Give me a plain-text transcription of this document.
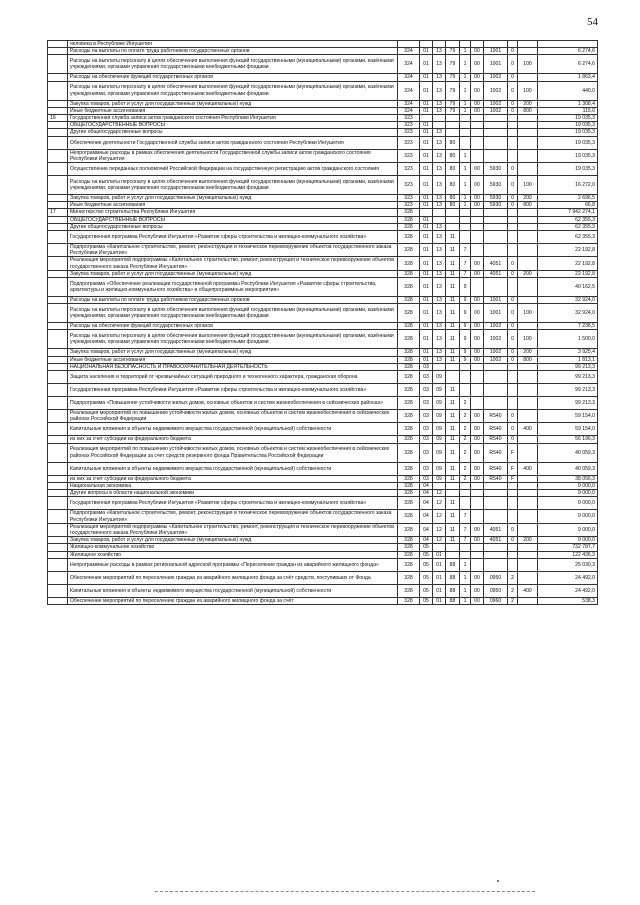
54
	человека в Республике Ингушетия										
	Расходы на выплаты по оплате труда работников государственных органов	324	01	13	79	1	00	1001	0		6 274,6
	Расходы на выплаты персоналу в целях обеспечения выполнения функций государственными (муниципальными) органами, казёнными учреждениями, органами управления государственными внебюджетными фондами	324	01	13	79	1	00	1001	0	100	6 274,6
	Расходы на обеспечение функций государственных органов	324	01	13	79	1	00	1002	0		1 863,4
	Расходы на выплаты персоналу в целях обеспечения выполнения функций государственными (муниципальными) органами, казёнными учреждениями, органами управления государственными внебюджетными фондами	324	01	13	79	1	00	1002	0	100	440,0
	Закупка товаров, работ и услуг для государственных (муниципальных) нужд	324	01	13	79	1	00	1002	0	200	1 308,4
	Иные бюджетные ассигнования	324	01	13	79	1	00	1002	0	800	115,0
16	Государственная служба записи актов гражданского состояния Республики Ингушетия	323									19 035,3
	ОБЩЕГОСУДАРСТВЕННЫЕ ВОПРОСЫ	323	01								19 035,3
	Другие общегосударственные вопросы	323	01	13							19 035,3
	Обеспечение деятельности Государственной службы записи актов гражданского состояния Республики Ингушетия	323	01	13	80						19 035,3
	Непрограммные расходы в рамках обеспечения деятельности Государственной службы записи актов гражданского состояния Республики Ингушетия	323	01	13	80	1					19 035,3
	Осуществление переданных полномочий Российской Федерации на государственную регистрацию актов гражданского состояния	323	01	13	80	1	00	5930	0		19 035,3
	Расходы на выплаты персоналу в целях обеспечения выполнения функций государственными (муниципальными) органами, казёнными учреждениями, органами управления государственными внебюджетными фондами	323	01	13	80	1	00	5930	0	100	16 272,0
	Закупка товаров, работ и услуг для государственных (муниципальных) нужд	323	01	13	80	1	00	5930	0	200	2 696,5
	Иные бюджетные ассигнования	323	01	13	80	1	00	5930	0	800	66,8
17	Министерство строительства Республики Ингушетия	328									7 942 274,1
	ОБЩЕГОСУДАРСТВЕННЫЕ ВОПРОСЫ	328	01								62 355,3
	Другие общегосударственные вопросы	328	01	13							62 355,3
	Государственная программа Республики Ингушетия «Развитие сферы строительства и жилищно-коммунального хозяйства»	328	01	13	11						62 355,3
	Подпрограмма «Капитальное строительство, ремонт, реконструкция и техническое перевооружение объектов государственного заказа Республики Ингушетия»	328	01	13	11	7					22 192,8
	Реализация мероприятий подпрограммы «Капитальное строительство, ремонт, реконструкция и техническое перевооружение объектов государственного заказа Республики Ингушетия»	328	01	13	11	7	00	4051	0		22 192,8
	Закупка товаров, работ и услуг для государственных (муниципальных) нужд	328	01	13	11	7	00	4051	0	200	22 192,8
	Подпрограмма «Обеспечение реализации государственной программы Республики Ингушетия «Развитие сферы строительства, архитектуры и жилищно-коммунального хозяйства» и общепрограммные мероприятия»	328	01	13	11	9					40 162,5
	Расходы на выплаты по оплате труда работников государственных органов	328	01	13	11	9	00	1001	0		32 924,0
	Расходы на выплаты персоналу в целях обеспечения выполнения функций государственными (муниципальными) органами, казёнными учреждениями, органами управления государственными внебюджетными фондами	328	01	13	11	9	00	1001	0	100	32 924,0
	Расходы на обеспечение функций государственных органов	328	01	13	11	9	00	1002	0		7 238,5
	Расходы на выплаты персоналу в целях обеспечения выполнения функций государственными (муниципальными) органами, казёнными учреждениями, органами управления государственными внебюджетными фондами	328	01	13	11	9	00	1002	0	100	1 500,0
	Закупка товаров, работ и услуг для государственных (муниципальных) нужд	328	01	13	11	9	00	1002	0	200	3 925,4
	Иные бюджетные ассигнования	328	01	13	11	9	00	1002	0	800	1 813,1
	НАЦИОНАЛЬНАЯ БЕЗОПАСНОСТЬ И ПРАВООХРАНИТЕЛЬНАЯ ДЕЯТЕЛЬНОСТЬ	328	03								99 213,3
	Защита населения и территорий от чрезвычайных ситуаций природного и техногенного характера, гражданская оборона	328	03	09							99 213,3
	Государственная программа Республики Ингушетия «Развитие сферы строительства и жилищно-коммунального хозяйства»	328	03	09	11						99 213,3
	Подпрограмма «Повышение устойчивости жилых домов, основных объектов и систем жизнеобеспечения в сейсмических районах»	328	03	09	11	2					99 213,3
	Реализация мероприятий по повышению устойчивости жилых домов, основных объектов и систем жизнеобеспечения в сейсмических районах Российской Федерации	328	03	09	11	2	00	R540	0		59 154,0
	Капитальные вложения в объекты недвижимого имущества государственной (муниципальной) собственности	328	03	09	11	2	00	R540	0	400	59 154,0
	из них за счет субсидии из федерального бюджета	328	03	09	11	2	00	R540	0		56 196,3
	Реализация мероприятий по повышению устойчивости жилых домов, основных объектов и систем жизнеобеспечения в сейсмических районах Российской Федерации за счет средств резервного фонда Правительства Российской Федерации	328	03	09	11	2	00	R540	F		40 059,3
	Капитальные вложения в объекты недвижимого имущества государственной (муниципальной) собственности	328	03	09	11	2	00	R540	F	400	40 059,3
	из них за счет субсидии из федерального бюджета	328	03	09	11	2	00	R540	F		38 056,3
	Национальная экономика	328	04								9 000,0
	Другие вопросы в области национальной экономики	328	04	12							9 000,0
	Государственная программа Республики Ингушетия «Развитие сферы строительства и жилищно-коммунального хозяйства»	328	04	12	11						9 000,0
	Подпрограмма «Капитальное строительство, ремонт, реконструкция и техническое перевооружение объектов государственного заказа Республики Ингушетия»	328	04	12	11	7					9 000,0
	Реализация мероприятий подпрограммы «Капитальное строительство, ремонт, реконструкция и техническое перевооружение объектов государственного заказа Республики Ингушетия»	328	04	12	11	7	00	4051	0		9 000,0
	Закупка товаров, работ и услуг для государственных (муниципальных) нужд	328	04	12	11	7	00	4051	0	200	9 000,0
	Жилищно-коммунальное хозяйство	328	05								732 787,7
	Жилищное хозяйство	328	05	01							122 436,3
	Непрограммные расходы в рамках региональной адресной программы «Переселение граждан из аварийного жилищного фонда»	328	05	01	88	1					25 030,3
	Обеспечение мероприятий по переселению граждан из аварийного жилищного фонда за счёт средств, поступивших от Фонда	328	05	01	88	1	00	0950	2		24 492,0
	Капитальные вложения в объекты недвижимого имущества государственной (муниципальной) собственности	328	05	01	88	1	00	0950	2	400	24 492,0
	Обеспечение мероприятий по переселению граждан из аварийного жилищного фонда за счёт	328	05	01	88	1	00	0960	2		538,3
